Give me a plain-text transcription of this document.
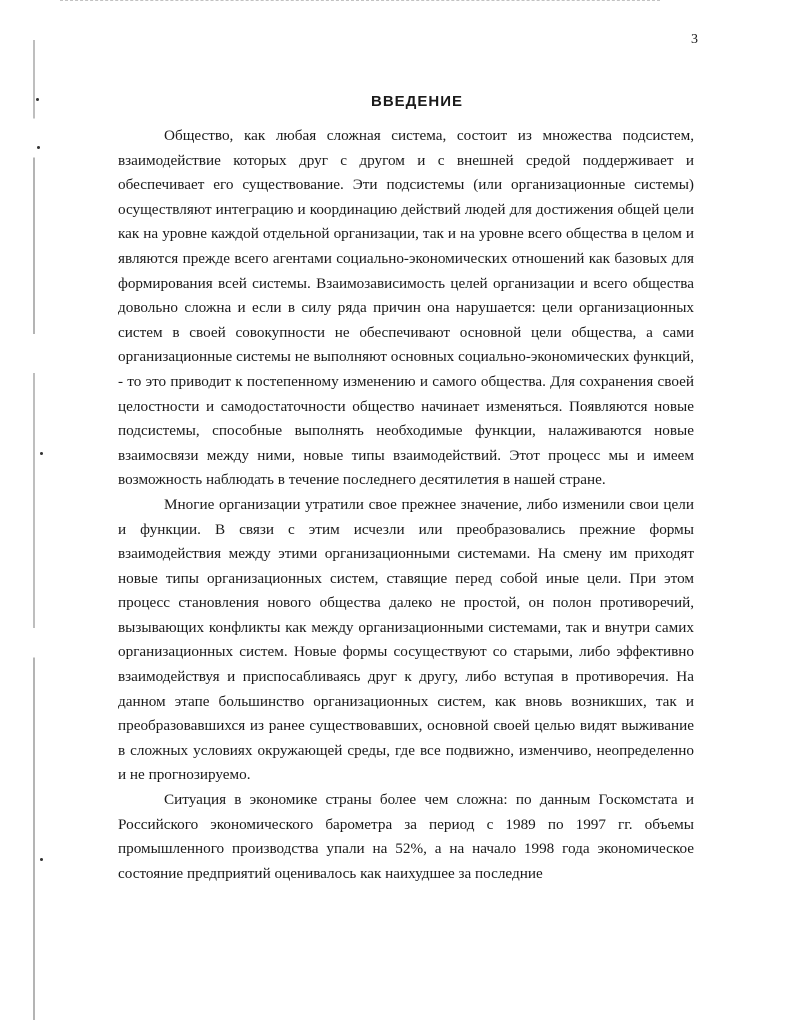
3
ВВЕДЕНИЕ

Общество, как любая сложная система, состоит из множества подсистем, взаимодействие которых друг с другом и с внешней средой поддерживает и обеспечивает его существование. Эти подсистемы (или организационные системы) осуществляют интеграцию и координацию действий людей для достижения общей цели как на уровне каждой отдельной организации, так и на уровне всего общества в целом и являются прежде всего агентами социально-экономических отношений как базовых для формирования всей системы. Взаимозависимость целей организации и всего общества довольно сложна и если в силу ряда причин она нарушается: цели организационных систем в своей совокупности не обеспечивают основной цели общества, а сами организационные системы не выполняют основных социально-экономических функций, - то это приводит к постепенному изменению и самого общества. Для сохранения своей целостности и самодостаточности общество начинает изменяться. Появляются новые подсистемы, способные выполнять необходимые функции, налаживаются новые взаимосвязи между ними, новые типы взаимодействий. Этот процесс мы и имеем возможность наблюдать в течение последнего десятилетия в нашей стране.

Многие организации утратили свое прежнее значение, либо изменили свои цели и функции. В связи с этим исчезли или преобразовались прежние формы взаимодействия между этими организационными системами. На смену им приходят новые типы организационных систем, ставящие перед собой иные цели. При этом процесс становления нового общества далеко не простой, он полон противоречий, вызывающих конфликты как между организационными системами, так и внутри самих организационных систем. Новые формы сосуществуют со старыми, либо эффективно взаимодействуя и приспосабливаясь друг к другу, либо вступая в противоречия. На данном этапе большинство организационных систем, как вновь возникших, так и преобразовавшихся из ранее существовавших, основной своей целью видят выживание в сложных условиях окружающей среды, где все подвижно, изменчиво, неопределенно и не прогнозируемо.

Ситуация в экономике страны более чем сложна: по данным Госкомстата и Российского экономического барометра за период с 1989 по 1997 гг. объемы промышленного производства упали на 52%, а на начало 1998 года экономическое состояние предприятий оценивалось как наихудшее за последние
